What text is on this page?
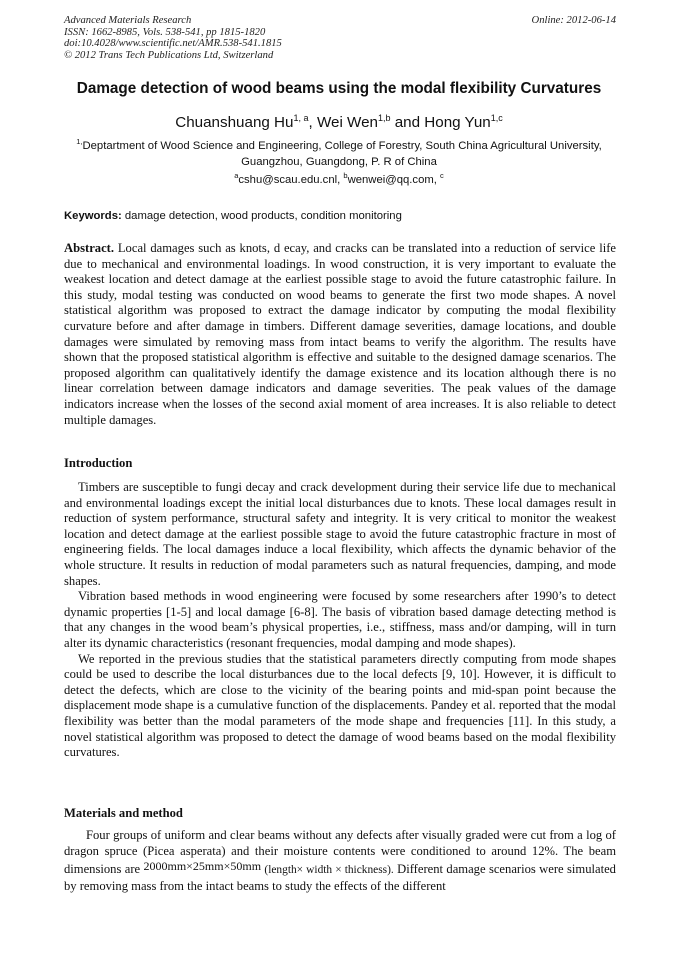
Advanced Materials Research
ISSN: 1662-8985, Vols. 538-541, pp 1815-1820
doi:10.4028/www.scientific.net/AMR.538-541.1815
© 2012 Trans Tech Publications Ltd, Switzerland
Online: 2012-06-14
Damage detection of wood beams using the modal flexibility Curvatures
Chuanshuang Hu$^{1, a}$, Wei Wen$^{1,b}$ and Hong Yun$^{1,c}$
$^{1,}$Deptartment of Wood Science and Engineering, College of Forestry, South China Agricultural University, Guangzhou, Guangdong, P. R of China
$^a$cshu@scau.edu.cnl, $^b$wenwei@qq.com, $^c$
Keywords: damage detection, wood products, condition monitoring

Abstract. Local damages such as knots, d ecay, and cracks can be translated into a reduction of service life due to mechanical and environmental loadings. In wood construction, it is very important to evaluate the weakest location and detect damage at the earliest possible stage to avoid the future catastrophic failure. In this study, modal testing was conducted on wood beams to generate the first two mode shapes. A novel statistical algorithm was proposed to extract the damage indicator by computing the modal flexibility curvature before and after damage in timbers. Different damage severities, damage locations, and double damages were simulated by removing mass from intact beams to verify the algorithm. The results have shown that the proposed statistical algorithm is effective and suitable to the designed damage scenarios. The proposed algorithm can qualitatively identify the damage existence and its location although there is no linear correlation between damage indicators and damage severities. The peak values of the damage indicators increase when the losses of the second axial moment of area increases. It is also reliable to detect multiple damages.

Introduction

Timbers are susceptible to fungi decay and crack development during their service life due to mechanical and environmental loadings except the initial local disturbances due to knots. These local damages result in reduction of system performance, structural safety and integrity. It is very critical to monitor the weakest location and detect damage at the earliest possible stage to avoid the future catastrophic fracture in most of engineering fields. The local damages induce a local flexibility, which affects the dynamic behavior of the whole structure. It results in reduction of modal parameters such as natural frequencies, damping, and mode shapes.

Vibration based methods in wood engineering were focused by some researchers after 1990’s to detect dynamic properties [1-5] and local damage [6-8]. The basis of vibration based damage detecting method is that any changes in the wood beam’s physical properties, i.e., stiffness, mass and/or damping, will in turn alter its dynamic characteristics (resonant frequencies, modal damping and mode shapes).

We reported in the previous studies that the statistical parameters directly computing from mode shapes could be used to describe the local disturbances due to the local defects [9, 10]. However, it is difficult to detect the defects, which are close to the vicinity of the bearing points and mid-span point because the displacement mode shape is a cumulative function of the displacements. Pandey et al. reported that the modal flexibility was better than the modal parameters of the mode shape and frequencies [11]. In this study, a novel statistical algorithm was proposed to detect the damage of wood beams based on the modal flexibility curvatures.

Materials and method

Four groups of uniform and clear beams without any defects after visually graded were cut from a log of dragon spruce (Picea asperata) and their moisture contents were conditioned to around 12%. The beam dimensions are 2000mm×25mm×50mm (length× width × thickness). Different damage scenarios were simulated by removing mass from the intact beams to study the effects of the different
